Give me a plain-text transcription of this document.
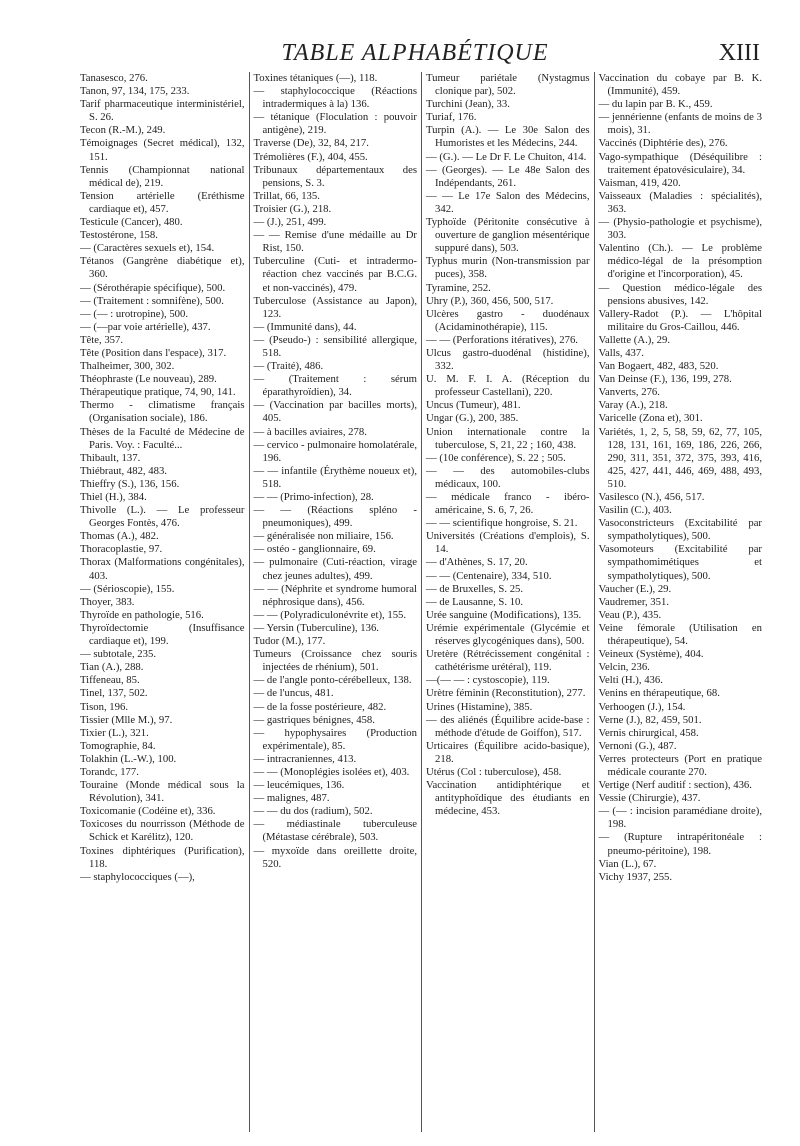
TABLE ALPHABÉTIQUE	XIII
Tanasesco, 276.
Tanon, 97, 134, 175, 233.
Tarif pharmaceutique interministériel, S. 26.
Tecon (R.-M.), 249.
Témoignages (Secret médical), 132, 151.
Tennis (Championnat national médical de), 219.
Tension artérielle (Eréthisme cardiaque et), 457.
Testicule (Cancer), 480.
Testostérone, 158.
— (Caractères sexuels et), 154.
Tétanos (Gangrène diabétique et), 360.
— (Sérothérapie spécifique), 500.
— (Traitement : somnifène), 500.
— (— : urotropine), 500.
— (—par voie artérielle), 437.
Tête, 357.
Tête (Position dans l'espace), 317.
Thalheimer, 300, 302.
Théophraste (Le nouveau), 289.
Thérapeutique pratique, 74, 90, 141.
Thermo - climatisme français (Organisation sociale), 186.
Thèses de la Faculté de Médecine de Paris. Voy. : Faculté...
Thibault, 137.
Thiébraut, 482, 483.
Thieffry (S.), 136, 156.
Thiel (H.), 384.
Thivolle (L.). — Le professeur Georges Fontès, 476.
Thomas (A.), 482.
Thoracoplastie, 97.
Thorax (Malformations congénitales), 403.
— (Sérioscopie), 155.
Thoyer, 383.
Thyroïde en pathologie, 516.
Thyroïdectomie (Insuffisance cardiaque et), 199.
— subtotale, 235.
Tian (A.), 288.
Tiffeneau, 85.
Tinel, 137, 502.
Tison, 196.
Tissier (Mlle M.), 97.
Tixier (L.), 321.
Tomographie, 84.
Tolakhin (L.-W.), 100.
Torandc, 177.
Touraine (Monde médical sous la Révolution), 341.
Toxicomanie (Codéine et), 336.
Toxicoses du nourrisson (Méthode de Schick et Karélitz), 120.
Toxines diphtériques (Purification), 118.
— staphylococciques (—),
Toxines tétaniques (—), 118.
— staphylococcique (Réactions intradermiques à la) 136.
— tétanique (Floculation : pouvoir antigène), 219.
Traverse (De), 32, 84, 217.
Trémolières (F.), 404, 455.
Tribunaux départementaux des pensions, S. 3.
Trillat, 66, 135.
Troisier (G.), 218.
— (J.), 251, 499.
— — Remise d'une médaille au Dr Rist, 150.
Tuberculine (Cuti- et intradermo-réaction chez vaccinés par B.C.G. et non-vaccinés), 479.
Tuberculose (Assistance au Japon), 123.
— (Immunité dans), 44.
— (Pseudo-) : sensibilité allergique, 518.
— (Traité), 486.
— (Traitement : sérum éparathyroïdien), 34.
— (Vaccination par bacilles morts), 405.
— à bacilles aviaires, 278.
— cervico - pulmonaire homolatérale, 196.
— — infantile (Érythème noueux et), 518.
— — (Primo-infection), 28.
— — (Réactions spléno - pneumoniques), 499.
— généralisée non miliaire, 156.
— ostéo - ganglionnaire, 69.
— pulmonaire (Cuti-réaction, virage chez jeunes adultes), 499.
— — (Néphrite et syndrome humoral néphrosique dans), 456.
— — (Polyradiculonévrite et), 155.
— Yersin (Tuberculine), 136.
Tudor (M.), 177.
Tumeurs (Croissance chez souris injectées de rhénium), 501.
— de l'angle ponto-cérébelleux, 138.
— de l'uncus, 481.
— de la fosse postérieure, 482.
— gastriques bénignes, 458.
— hypophysaires (Production expérimentale), 85.
— intracraniennes, 413.
— — (Monoplégies isolées et), 403.
— leucémiques, 136.
— malignes, 487.
— — du dos (radium), 502.
— médiastinale tuberculeuse (Métastase cérébrale), 503.
— myxoïde dans oreillette droite, 520.
Tumeur pariétale (Nystagmus clonique par), 502.
Turchini (Jean), 33.
Turiaf, 176.
Turpin (A.). — Le 30e Salon des Humoristes et les Médecins, 244.
— (G.). — Le Dr F. Le Chuiton, 414.
— (Georges). — Le 48e Salon des Indépendants, 261.
— — Le 17e Salon des Médecins, 342.
Typhoïde (Péritonite consécutive à ouverture de ganglion mésentérique suppuré dans), 503.
Typhus murin (Non-transmission par puces), 358.
Tyramine, 252.
Uhry (P.), 360, 456, 500, 517.
Ulcères gastro - duodénaux (Acidaminothérapie), 115.
— — (Perforations itératives), 276.
Ulcus gastro-duodénal (histidine), 332.
U. M. F. I. A. (Réception du professeur Castellani), 220.
Uncus (Tumeur), 481.
Ungar (G.), 200, 385.
Union internationale contre la tuberculose, S, 21, 22 ; 160, 438.
— (10e conférence), S. 22 ; 505.
— — des automobiles-clubs médicaux, 100.
— médicale franco - ibéro-américaine, S. 6, 7, 26.
— — scientifique hongroise, S. 21.
Universités (Créations d'emplois), S. 14.
— d'Athènes, S. 17, 20.
— — (Centenaire), 334, 510.
— de Bruxelles, S. 25.
— de Lausanne, S. 10.
Urée sanguine (Modifications), 135.
Urémie expérimentale (Glycémie et réserves glycogéniques dans), 500.
Uretère (Rétrécissement congénital : cathétérisme urétéral), 119.
—(— — : cystoscopie), 119.
Urètre féminin (Reconstitution), 277.
Urines (Histamine), 385.
— des aliénés (Équilibre acide-base : méthode d'étude de Goiffon), 517.
Urticaires (Équilibre acido-basique), 218.
Utérus (Col : tuberculose), 458.
Vaccination antidiphtérique et antityphoïdique des étudiants en médecine, 453.
Vaccination du cobaye par B. K. (Immunité), 459.
— du lapin par B. K., 459.
— jennérienne (enfants de moins de 3 mois), 31.
Vaccinés (Diphtérie des), 276.
Vago-sympathique (Déséquilibre : traitement épatovésiculaire), 34.
Vaisman, 419, 420.
Vaisseaux (Maladies : spécialités), 363.
— (Physio-pathologie et psychisme), 303.
Valentino (Ch.). — Le problème médico-légal de la présomption d'origine et l'incorporation), 45.
— Question médico-légale des pensions abusives, 142.
Vallery-Radot (P.). — L'hôpital militaire du Gros-Caillou, 446.
Vallette (A.), 29.
Valls, 437.
Van Bogaert, 482, 483, 520.
Van Deinse (F.), 136, 199, 278.
Vanverts, 276.
Varay (A.), 218.
Varicelle (Zona et), 301.
Variétés, 1, 2, 5, 58, 59, 62, 77, 105, 128, 131, 161, 169, 186, 226, 266, 290, 311, 351, 372, 375, 393, 416, 425, 427, 441, 446, 469, 488, 493, 510.
Vasilesco (N.), 456, 517.
Vasilin (C.), 403.
Vasoconstricteurs (Excitabilité par sympatholytiques), 500.
Vasomoteurs (Excitabilité par sympathomimétiques et sympatholytiques), 500.
Vaucher (E.), 29.
Vaudremer, 351.
Veau (P.), 435.
Veine fémorale (Utilisation en thérapeutique), 54.
Veineux (Système), 404.
Velcin, 236.
Velti (H.), 436.
Venins en thérapeutique, 68.
Verhoogen (J.), 154.
Verne (J.), 82, 459, 501.
Vernis chirurgical, 458.
Vernoni (G.), 487.
Verres protecteurs (Port en pratique médicale courante 270.
Vertige (Nerf auditif : section), 436.
Vessie (Chirurgie), 437.
— (— : incision paramédiane droite), 198.
— (Rupture intrapéritonéale : pneumo-péritoine), 198.
Vian (L.), 67.
Vichy 1937, 255.
